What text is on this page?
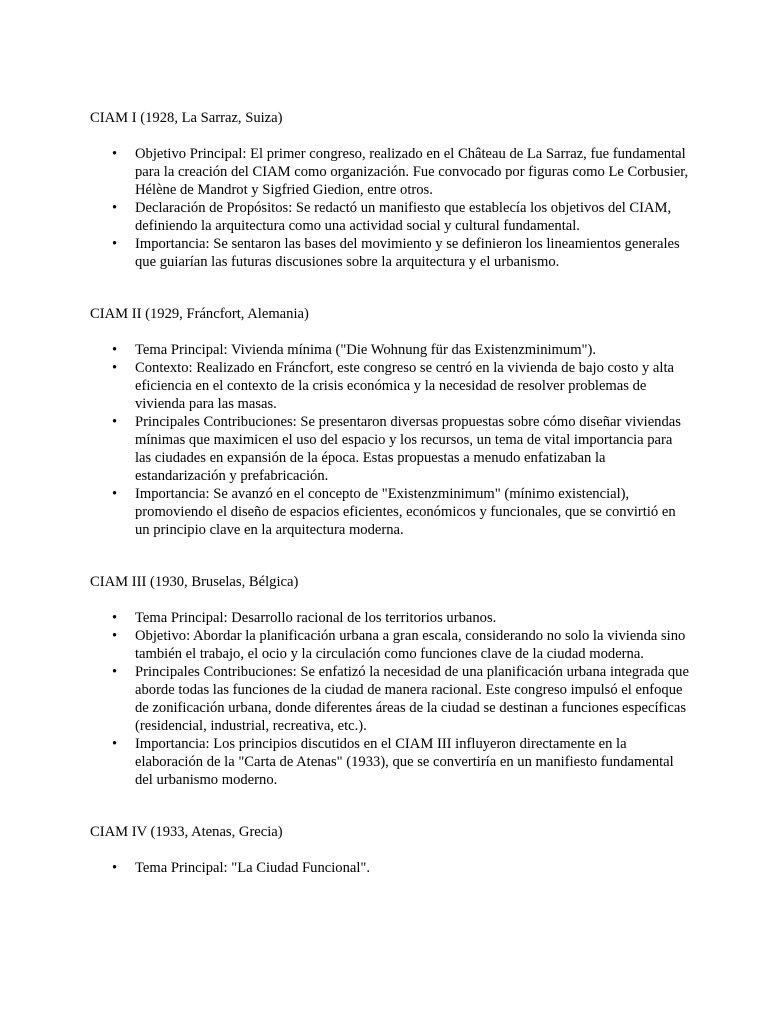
CIAM I (1928, La Sarraz, Suiza)

• Objetivo Principal: El primer congreso, realizado en el Château de La Sarraz, fue fundamental para la creación del CIAM como organización. Fue convocado por figuras como Le Corbusier, Hélène de Mandrot y Sigfried Giedion, entre otros.
• Declaración de Propósitos: Se redactó un manifiesto que establecía los objetivos del CIAM, definiendo la arquitectura como una actividad social y cultural fundamental.
• Importancia: Se sentaron las bases del movimiento y se definieron los lineamientos generales que guiarían las futuras discusiones sobre la arquitectura y el urbanismo.

CIAM II (1929, Fráncfort, Alemania)

• Tema Principal: Vivienda mínima ("Die Wohnung für das Existenzminimum").
• Contexto: Realizado en Fráncfort, este congreso se centró en la vivienda de bajo costo y alta eficiencia en el contexto de la crisis económica y la necesidad de resolver problemas de vivienda para las masas.
• Principales Contribuciones: Se presentaron diversas propuestas sobre cómo diseñar viviendas mínimas que maximicen el uso del espacio y los recursos, un tema de vital importancia para las ciudades en expansión de la época. Estas propuestas a menudo enfatizaban la estandarización y prefabricación.
• Importancia: Se avanzó en el concepto de "Existenzminimum" (mínimo existencial), promoviendo el diseño de espacios eficientes, económicos y funcionales, que se convirtió en un principio clave en la arquitectura moderna.

CIAM III (1930, Bruselas, Bélgica)

• Tema Principal: Desarrollo racional de los territorios urbanos.
• Objetivo: Abordar la planificación urbana a gran escala, considerando no solo la vivienda sino también el trabajo, el ocio y la circulación como funciones clave de la ciudad moderna.
• Principales Contribuciones: Se enfatizó la necesidad de una planificación urbana integrada que aborde todas las funciones de la ciudad de manera racional. Este congreso impulsó el enfoque de zonificación urbana, donde diferentes áreas de la ciudad se destinan a funciones específicas (residencial, industrial, recreativa, etc.).
• Importancia: Los principios discutidos en el CIAM III influyeron directamente en la elaboración de la "Carta de Atenas" (1933), que se convertiría en un manifiesto fundamental del urbanismo moderno.

CIAM IV (1933, Atenas, Grecia)

• Tema Principal: "La Ciudad Funcional".
